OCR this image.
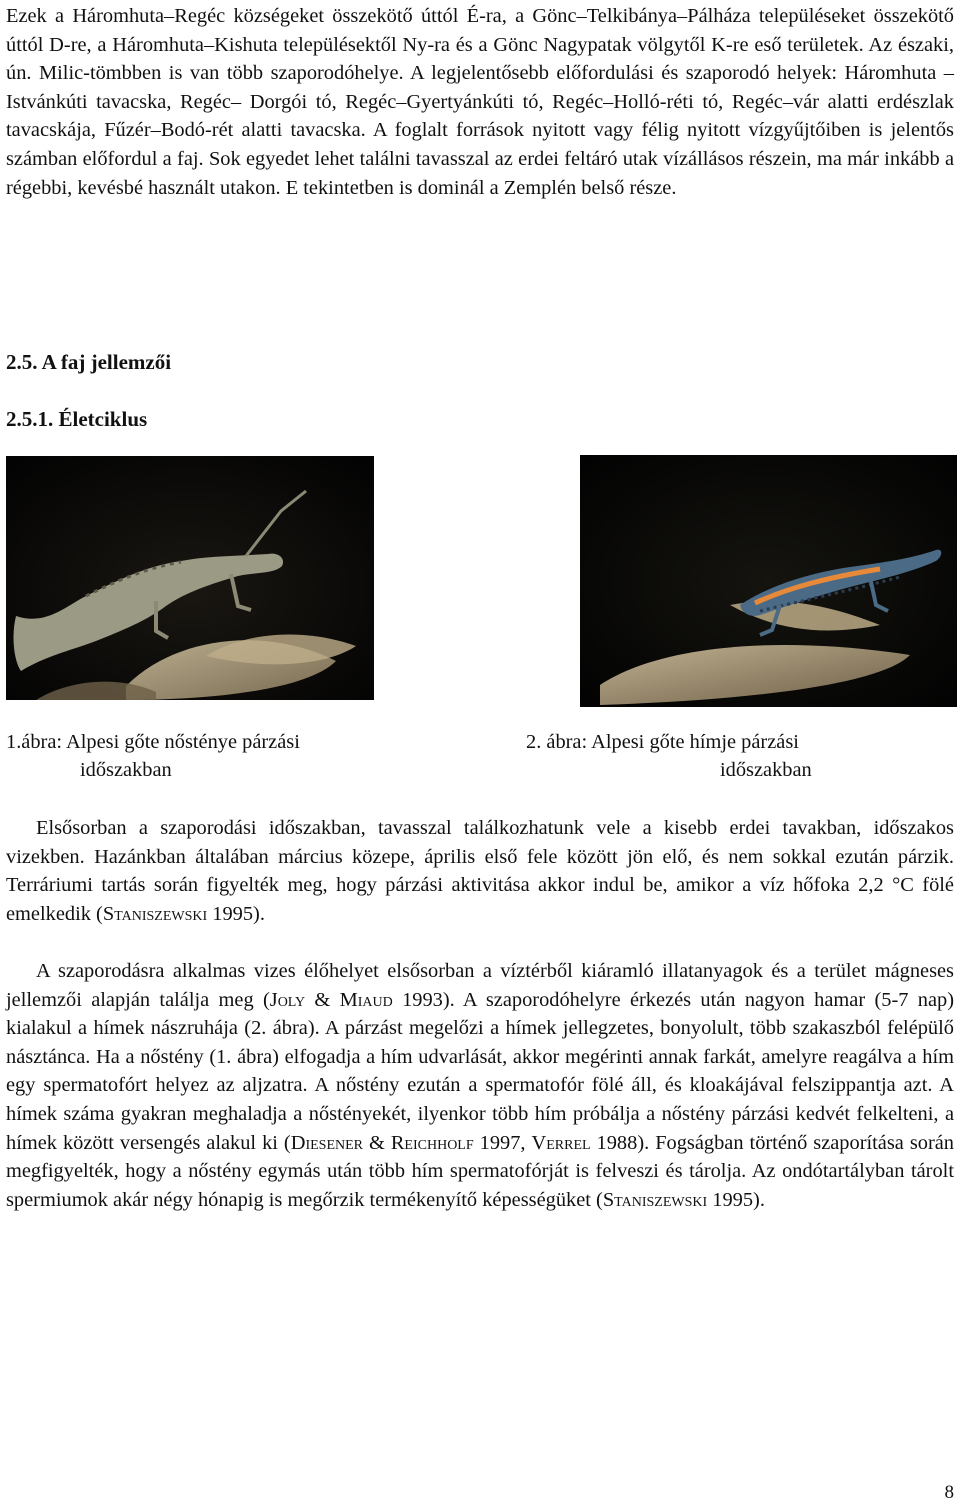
Ezek a Háromhuta–Regéc községeket összekötő úttól É-ra, a Gönc–Telkibánya–Pálháza településeket összekötő úttól D-re, a Háromhuta–Kishuta településektől Ny-ra és a Gönc Nagypatak völgytől K-re eső területek. Az északi, ún. Milic-tömbben is van több szaporodóhelye. A legjelentősebb előfordulási és szaporodó helyek: Háromhuta – Istvánkúti tavacska, Regéc– Dorgói tó, Regéc–Gyertyánkúti tó, Regéc–Holló-réti tó, Regéc–vár alatti erdészlak tavacskája, Fűzér–Bodó-rét alatti tavacska. A foglalt források nyitott vagy félig nyitott vízgyűjtőiben is jelentős számban előfordul a faj. Sok egyedet lehet találni tavasszal az erdei feltáró utak vízállásos részein, ma már inkább a régebbi, kevésbé használt utakon. E tekintetben is dominál a Zemplén belső része.

2.5. A faj jellemzői
2.5.1. Életciklus
1.ábra: Alpesi gőte nősténye párzási
időszakban
2. ábra: Alpesi gőte hímje párzási
időszakban

Elsősorban a szaporodási időszakban, tavasszal találkozhatunk vele a kisebb erdei tavakban, időszakos vizekben. Hazánkban általában március közepe, április első fele között jön elő, és nem sokkal ezután párzik. Terráriumi tartás során figyelték meg, hogy párzási aktivitása akkor indul be, amikor a víz hőfoka 2,2 °C fölé emelkedik (Staniszewski 1995).

A szaporodásra alkalmas vizes élőhelyet elsősorban a víztérből kiáramló illatanyagok és a terület mágneses jellemzői alapján találja meg (Joly & Miaud 1993). A szaporodóhelyre érkezés után nagyon hamar (5-7 nap) kialakul a hímek nászruhája (2. ábra). A párzást megelőzi a hímek jellegzetes, bonyolult, több szakaszból felépülő násztánca. Ha a nőstény (1. ábra) elfogadja a hím udvarlását, akkor megérinti annak farkát, amelyre reagálva a hím egy spermatofórt helyez az aljzatra. A nőstény ezután a spermatofór fölé áll, és kloakájával felszippantja azt. A hímek száma gyakran meghaladja a nőstényekét, ilyenkor több hím próbálja a nőstény párzási kedvét felkelteni, a hímek között versengés alakul ki (Diesener & Reichholf 1997, Verrel 1988). Fogságban történő szaporítása során megfigyelték, hogy a nőstény egymás után több hím spermatofórját is felveszi és tárolja. Az ondótartályban tárolt spermiumok akár négy hónapig is megőrzik termékenyítő képességüket (Staniszewski 1995).

8
